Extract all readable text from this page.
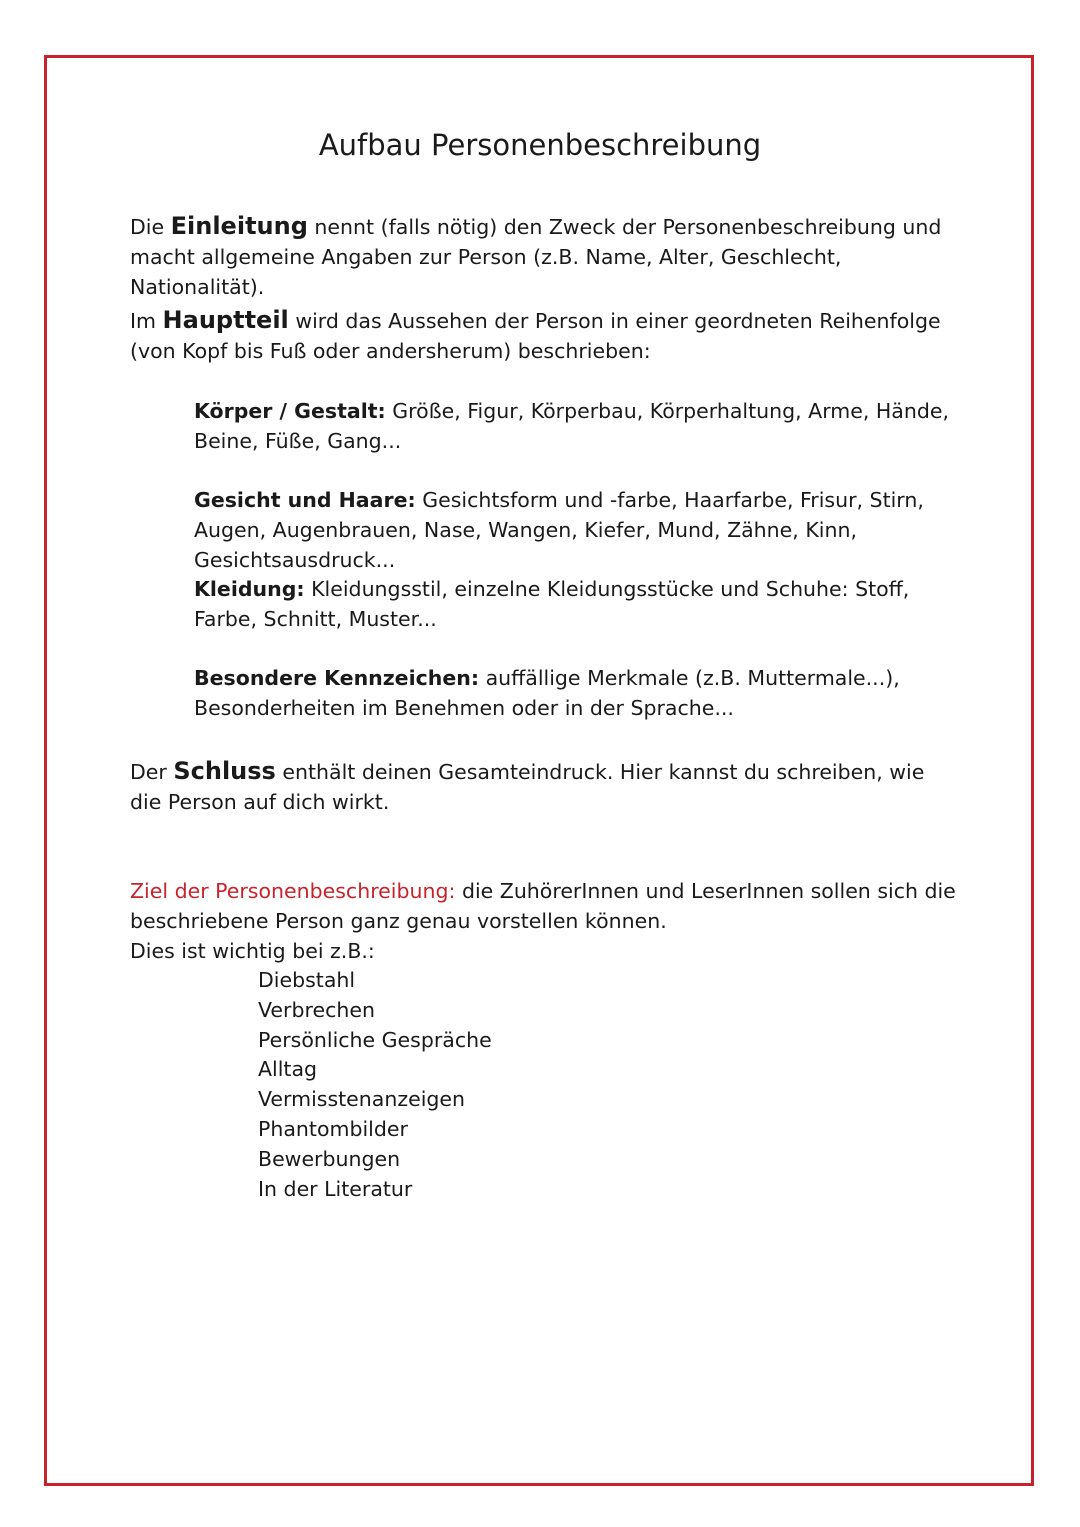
Aufbau Personenbeschreibung

Die Einleitung nennt (falls nötig) den Zweck der Personenbeschreibung und macht allgemeine Angaben zur Person (z.B. Name, Alter, Geschlecht, Nationalität).

Im Hauptteil wird das Aussehen der Person in einer geordneten Reihenfolge (von Kopf bis Fuß oder andersherum) beschrieben:

Körper / Gestalt: Größe, Figur, Körperbau, Körperhaltung, Arme, Hände, Beine, Füße, Gang...

Gesicht und Haare: Gesichtsform und -farbe, Haarfarbe, Frisur, Stirn, Augen, Augenbrauen, Nase, Wangen, Kiefer, Mund, Zähne, Kinn, Gesichtsausdruck...

Kleidung: Kleidungsstil, einzelne Kleidungsstücke und Schuhe: Stoff, Farbe, Schnitt, Muster...

Besondere Kennzeichen: auffällige Merkmale (z.B. Muttermale...), Besonderheiten im Benehmen oder in der Sprache...

Der Schluss enthält deinen Gesamteindruck. Hier kannst du schreiben, wie die Person auf dich wirkt.

Ziel der Personenbeschreibung: die ZuhörerInnen und LeserInnen sollen sich die beschriebene Person ganz genau vorstellen können.
Dies ist wichtig bei z.B.:

Diebstahl
Verbrechen
Persönliche Gespräche
Alltag
Vermisstenanzeigen
Phantombilder
Bewerbungen
In der Literatur
